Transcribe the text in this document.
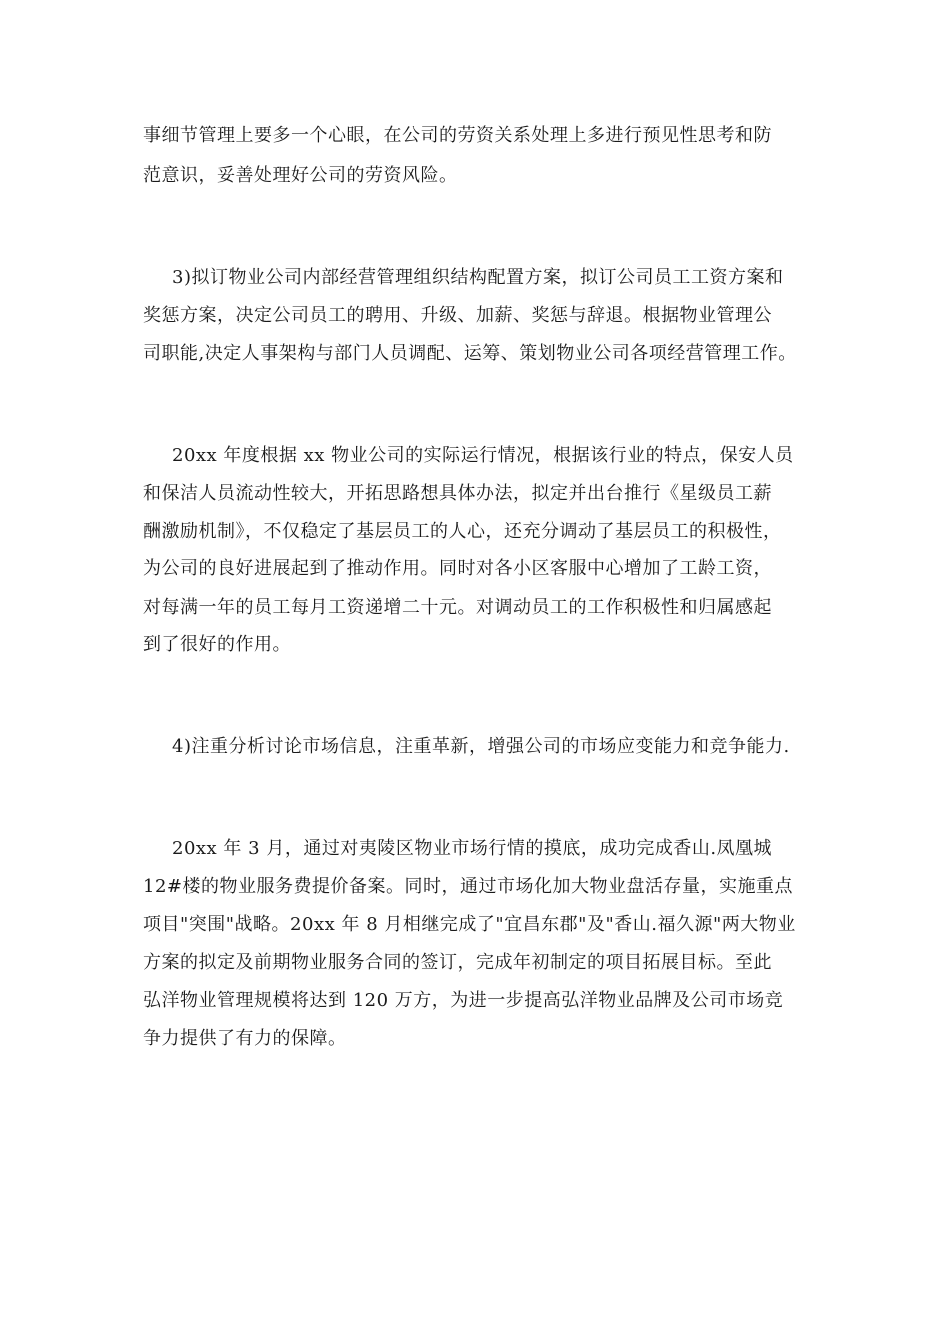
事细节管理上要多一个心眼，在公司的劳资关系处理上多进行预见性思考和防

范意识，妥善处理好公司的劳资风险。

3)拟订物业公司内部经营管理组织结构配置方案，拟订公司员工工资方案和

奖惩方案，决定公司员工的聘用、升级、加薪、奖惩与辞退。根据物业管理公

司职能,决定人事架构与部门人员调配、运筹、策划物业公司各项经营管理工作。

20xx 年度根据 xx 物业公司的实际运行情况，根据该行业的特点，保安人员

和保洁人员流动性较大，开拓思路想具体办法，拟定并出台推行《星级员工薪

酬激励机制》，不仅稳定了基层员工的人心，还充分调动了基层员工的积极性，

为公司的良好进展起到了推动作用。同时对各小区客服中心增加了工龄工资，

对每满一年的员工每月工资递增二十元。对调动员工的工作积极性和归属感起

到了很好的作用。

4)注重分析讨论市场信息，注重革新，增强公司的市场应变能力和竞争能力.

20xx 年 3 月，通过对夷陵区物业市场行情的摸底，成功完成香山.凤凰城

12#楼的物业服务费提价备案。同时，通过市场化加大物业盘活存量，实施重点

项目"突围"战略。20xx 年 8 月相继完成了"宜昌东郡"及"香山.福久源"两大物业

方案的拟定及前期物业服务合同的签订，完成年初制定的项目拓展目标。至此

弘洋物业管理规模将达到 120 万方，为进一步提高弘洋物业品牌及公司市场竞

争力提供了有力的保障。
